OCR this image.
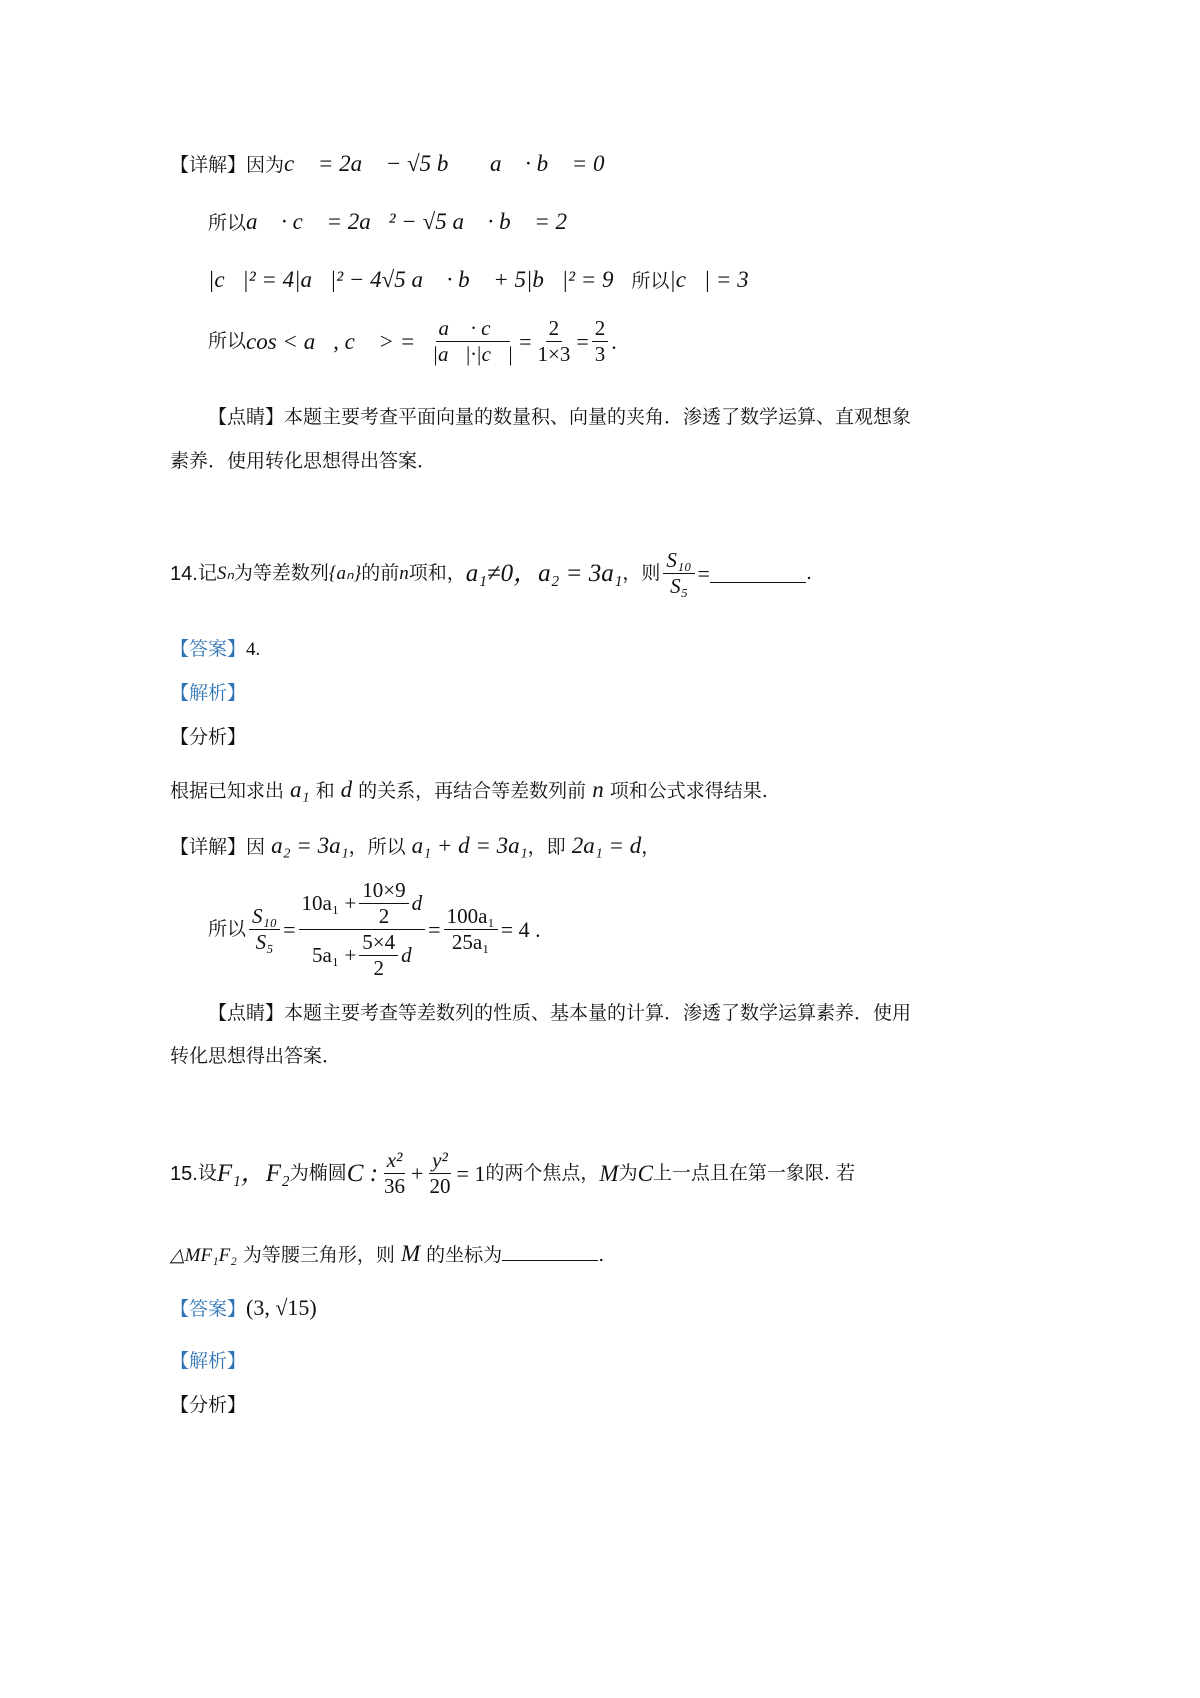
【详解】因为c⃗ = 2a⃗ − √5 b⃗ ，a⃗ · b⃗ = 0，
所以a⃗ · c⃗ = 2a⃗² − √5 a⃗ · b⃗ = 2，
|c⃗|² = 4|a⃗|² − 4√5 a⃗ · b⃗ + 5|b⃗|² = 9，所以|c⃗| = 3，
所以 cos < a⃗, c⃗ > = $\frac{a⃗ \cdot c⃗}{|a⃗|\cdot|c⃗|} = \frac{2}{1\times 3} = \frac{2}{3}$ .
【点睛】本题主要考查平面向量的数量积、向量的夹角．渗透了数学运算、直观想象
素养．使用转化思想得出答案．
14. 记 Sₙ 为等差数列 {aₙ} 的前 n 项和， a₁≠0，a₂ = 3a₁ ，则 $\frac{\text{S₁₀}}{\text{S₅}}$ =	.
【答案】4.
【解析】
【分析】
根据已知求出 a₁ 和 d 的关系，再结合等差数列前 n 项和公式求得结果.
【详解】因 a₂ = 3a₁，所以 a₁ + d = 3a₁，即 2a₁ = d，
所以 $\frac{\text{S₁₀}}{\text{S₅}} = \frac{10a_1 + \frac{10\times 9}{2} d}{5a_1 + \frac{5\times 4}{2} d} = \frac{\text{100a₁}}{\text{25a₁}} = 4$ .
【点睛】本题主要考查等差数列的性质、基本量的计算．渗透了数学运算素养．使用
转化思想得出答案．
15. 设 F₁，F₂ 为椭圆 C : $\frac{\text{x²}}{36} + \frac{\text{y²}}{20} = 1$ 的两个焦点， M 为 C 上一点且在第一象限. 若
△MF₁F₂ 为等腰三角形，则 M 的坐标为	.
【答案】(3, √15)
【解析】
【分析】
